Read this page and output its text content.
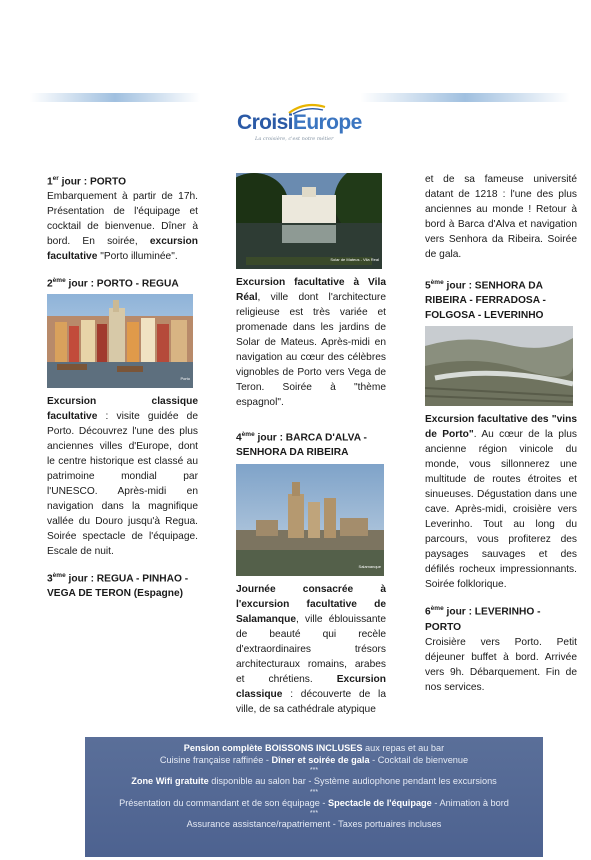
CroisiEurope
La croisière, c'est notre métier

1er jour : PORTO

Embarquement à partir de 17h. Présentation de l'équipage et cocktail de bienvenue. Dîner à bord. En soirée, excursion facultative "Porto illuminée".

2ème jour : PORTO - REGUA

Porto

Excursion classique facultative : visite guidée de Porto. Découvrez l'une des plus anciennes villes d'Europe, dont le centre historique est classé au patrimoine mondial par l'UNESCO. Après-midi en navigation dans la magnifique vallée du Douro jusqu'à Regua. Soirée spectacle de l'équipage. Escale de nuit.

3ème jour : REGUA - PINHAO - VEGA DE TERON (Espagne)

Solar de Mateus - Vila Real

Excursion facultative à Vila Réal, ville dont l'architecture religieuse est très variée et promenade dans les jardins de Solar de Mateus. Après-midi en navigation au cœur des célèbres vignobles de Porto vers Vega de Teron. Soirée à "thème espagnol".

4ème jour : BARCA D'ALVA - SENHORA DA RIBEIRA

Salamanque

Journée consacrée à l'excursion facultative de Salamanque, ville éblouissante de beauté qui recèle d'extraordinaires trésors architecturaux romains, arabes et chrétiens. Excursion classique : découverte de la ville, de sa cathédrale atypique

et de sa fameuse université datant de 1218 : l'une des plus anciennes au monde ! Retour à bord à Barca d'Alva et navigation vers Senhora da Ribeira. Soirée de gala.

5ème jour : SENHORA DA RIBEIRA - FERRADOSA - FOLGOSA - LEVERINHO

Excursion facultative des "vins de Porto". Au cœur de la plus ancienne région vinicole du monde, vous sillonnerez une multitude de routes étroites et sinueuses. Dégustation dans une cave. Après-midi, croisière vers Leverinho. Tout au long du parcours, vous profiterez des paysages sauvages et des défilés rocheux impressionnants. Soirée folklorique.

6ème jour : LEVERINHO - PORTO

Croisière vers Porto. Petit déjeuner buffet à bord. Arrivée vers 9h. Débarquement. Fin de nos services.

Pension complète BOISSONS INCLUSES aux repas et au bar
Cuisine française raffinée - Dîner et soirée de gala - Cocktail de bienvenue
***
Zone Wifi gratuite disponible au salon bar - Système audiophone pendant les excursions
***
Présentation du commandant et de son équipage - Spectacle de l'équipage - Animation à bord
***
Assurance assistance/rapatriement - Taxes portuaires incluses
